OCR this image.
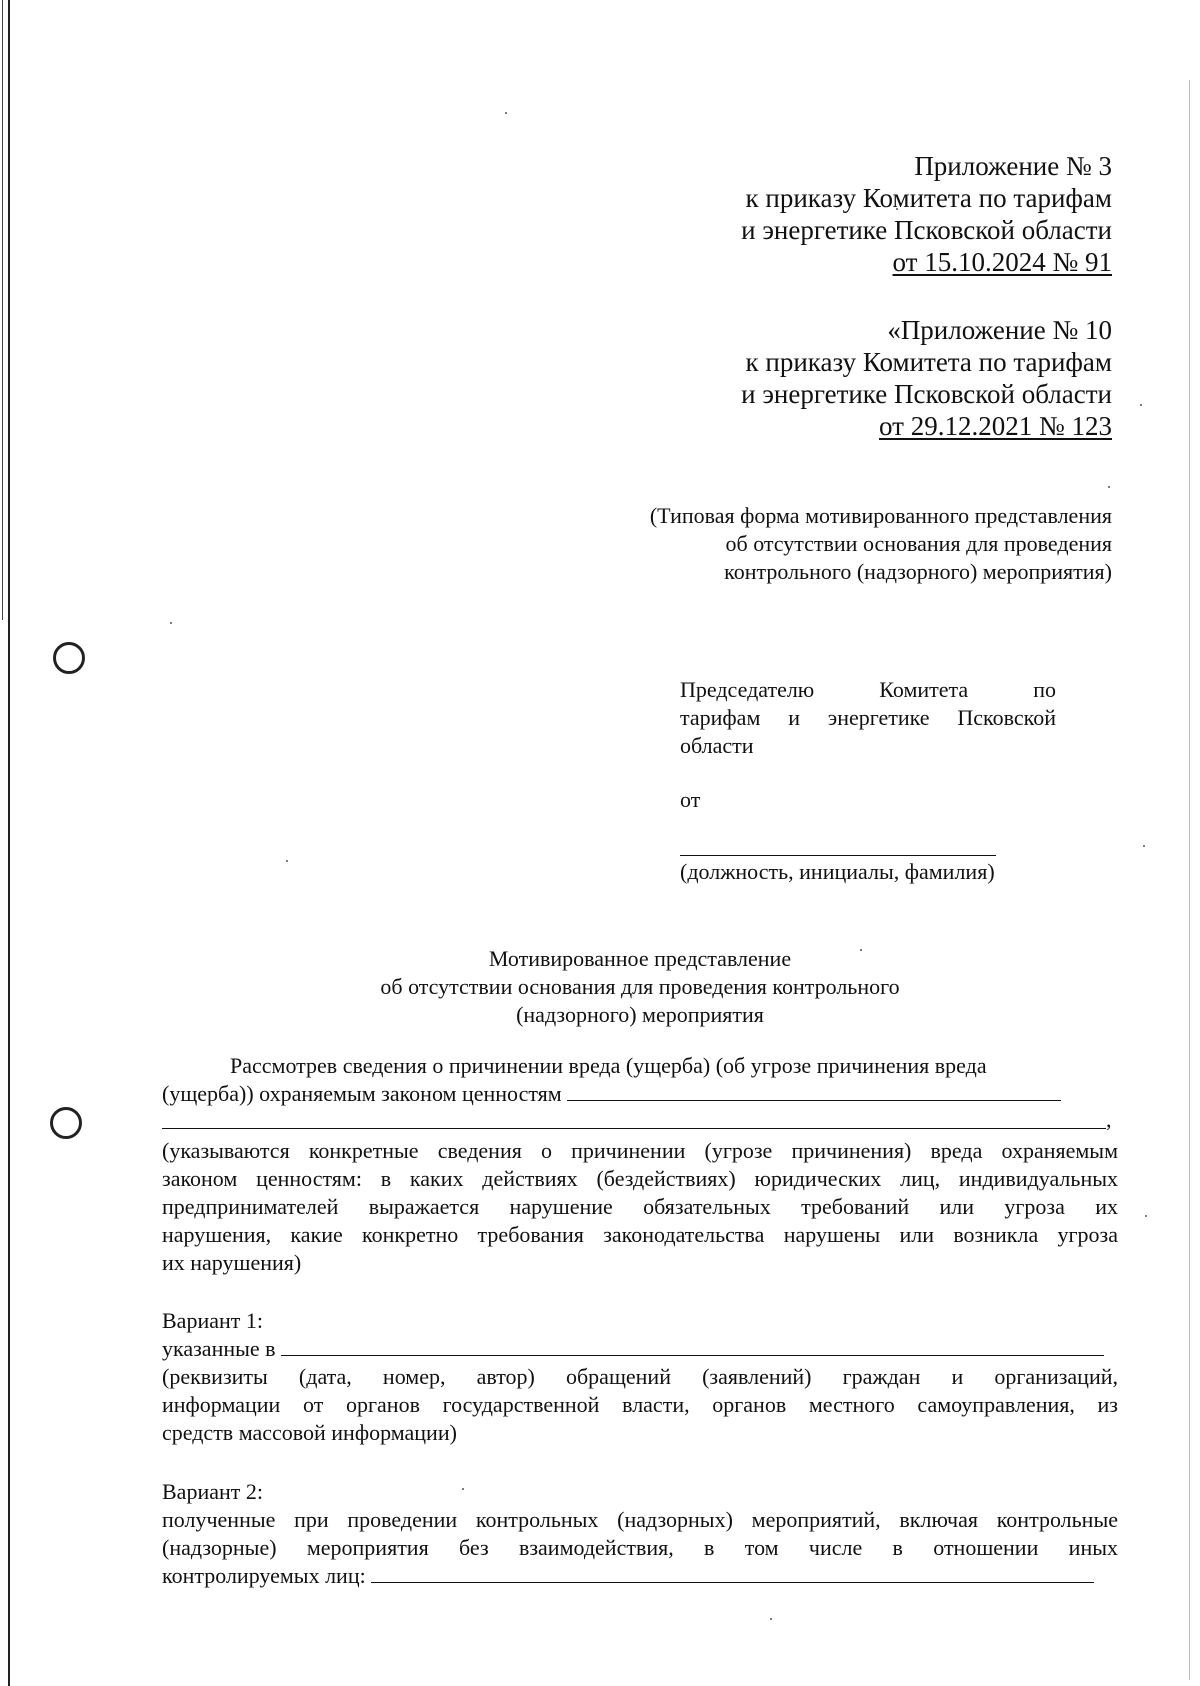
Приложение № 3
к приказу Комитета по тарифам
и энергетике Псковской области
от 15.10.2024 № 91
«Приложение № 10
к приказу Комитета по тарифам
и энергетике Псковской области
от 29.12.2021 № 123
(Типовая форма мотивированного представления
об отсутствии основания для проведения
контрольного (надзорного) мероприятия)
Председателю Комитета по
тарифам и энергетике Псковской
области
от
(должность, инициалы, фамилия)
Мотивированное представление
об отсутствии основания для проведения контрольного
(надзорного) мероприятия
Рассмотрев сведения о причинении вреда (ущерба) (об угрозе причинения вреда
(ущерба)) охраняемым законом ценностям
,
(указываются конкретные сведения о причинении (угрозе причинения) вреда охраняемым
законом ценностям: в каких действиях (бездействиях) юридических лиц, индивидуальных
предпринимателей выражается нарушение обязательных требований или угроза их
нарушения, какие конкретно требования законодательства нарушены или возникла угроза
их нарушения)
Вариант 1:
указанные в
(реквизиты (дата, номер, автор) обращений (заявлений) граждан и организаций,
информации от органов государственной власти, органов местного самоуправления, из
средств массовой информации)
Вариант 2:
полученные при проведении контрольных (надзорных) мероприятий, включая контрольные
(надзорные) мероприятия без взаимодействия, в том числе в отношении иных
контролируемых лиц:
